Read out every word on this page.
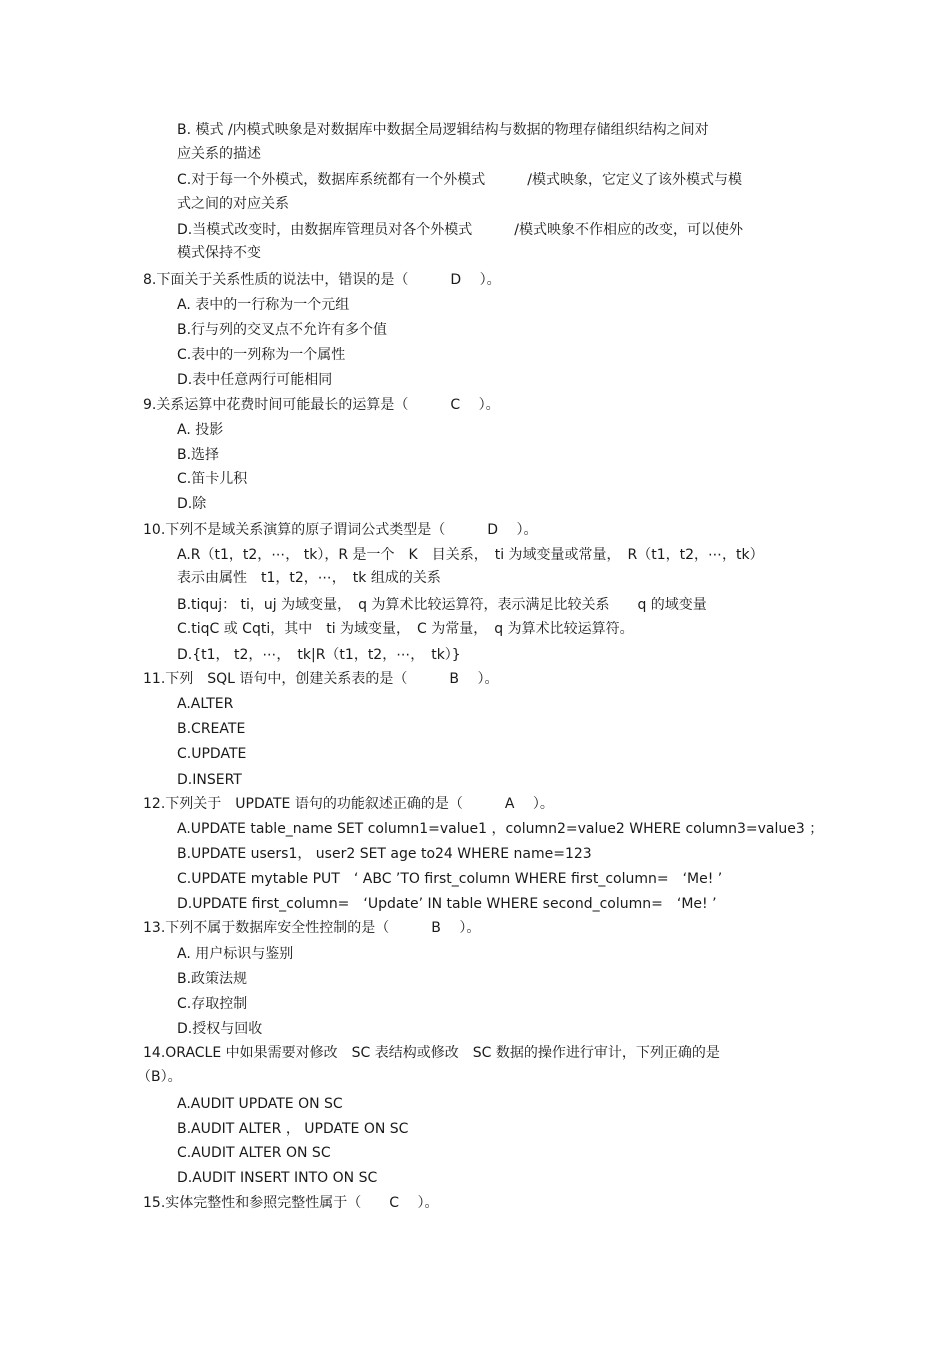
B. 模式 /内模式映象是对数据库中数据全局逻辑结构与数据的物理存储组织结构之间对
应关系的描述
C.对于每一个外模式，数据库系统都有一个外模式　　　/模式映象，它定义了该外模式与模
式之间的对应关系
D.当模式改变时，由数据库管理员对各个外模式　　　/模式映象不作相应的改变，可以使外
模式保持不变
8.下面关于关系性质的说法中，错误的是（　　　D　 ）。
A. 表中的一行称为一个元组
B.行与列的交叉点不允许有多个值
C.表中的一列称为一个属性
D.表中任意两行可能相同
9.关系运算中花费时间可能最长的运算是（　　　C　 ）。
A. 投影
B.选择
C.笛卡儿积
D.除
10.下列不是域关系演算的原子谓词公式类型是（　　　D　 ）。
A.R（t1，t2，⋯， tk），R 是一个　K　目关系，　ti 为域变量或常量，　R（t1，t2，⋯，tk）
表示由属性　t1，t2，⋯，　tk 组成的关系
B.tiquj： ti，uj 为域变量，　q 为算术比较运算符，表示满足比较关系　　q 的域变量
C.tiqC 或 Cqti，其中　ti 为域变量，　C 为常量，　q 为算术比较运算符。
D.{t1， t2，⋯，　tk|R（t1，t2，⋯，　tk）}
11.下列　SQL 语句中，创建关系表的是（　　　B　 ）。
A.ALTER
B.CREATE
C.UPDATE
D.INSERT
12.下列关于　UPDATE 语句的功能叙述正确的是（　　　A　 ）。
A.UPDATE table_name SET column1=value1 ，column2=value2 WHERE column3=value3 ；
B.UPDATE users1， user2 SET age to24 WHERE name=123
C.UPDATE mytable PUT　‘ ABC ’TO first_column WHERE first_column=　‘Me! ’
D.UPDATE first_column=　‘Update’ IN table WHERE second_column=　‘Me! ’
13.下列不属于数据库安全性控制的是（　　　B　 ）。
A. 用户标识与鉴别
B.政策法规
C.存取控制
D.授权与回收
14.ORACLE 中如果需要对修改　SC 表结构或修改　SC 数据的操作进行审计，下列正确的是
（B）。
A.AUDIT UPDATE ON SC
B.AUDIT ALTER ， UPDATE ON SC
C.AUDIT ALTER ON SC
D.AUDIT INSERT INTO ON SC
15.实体完整性和参照完整性属于（　　C　 ）。
